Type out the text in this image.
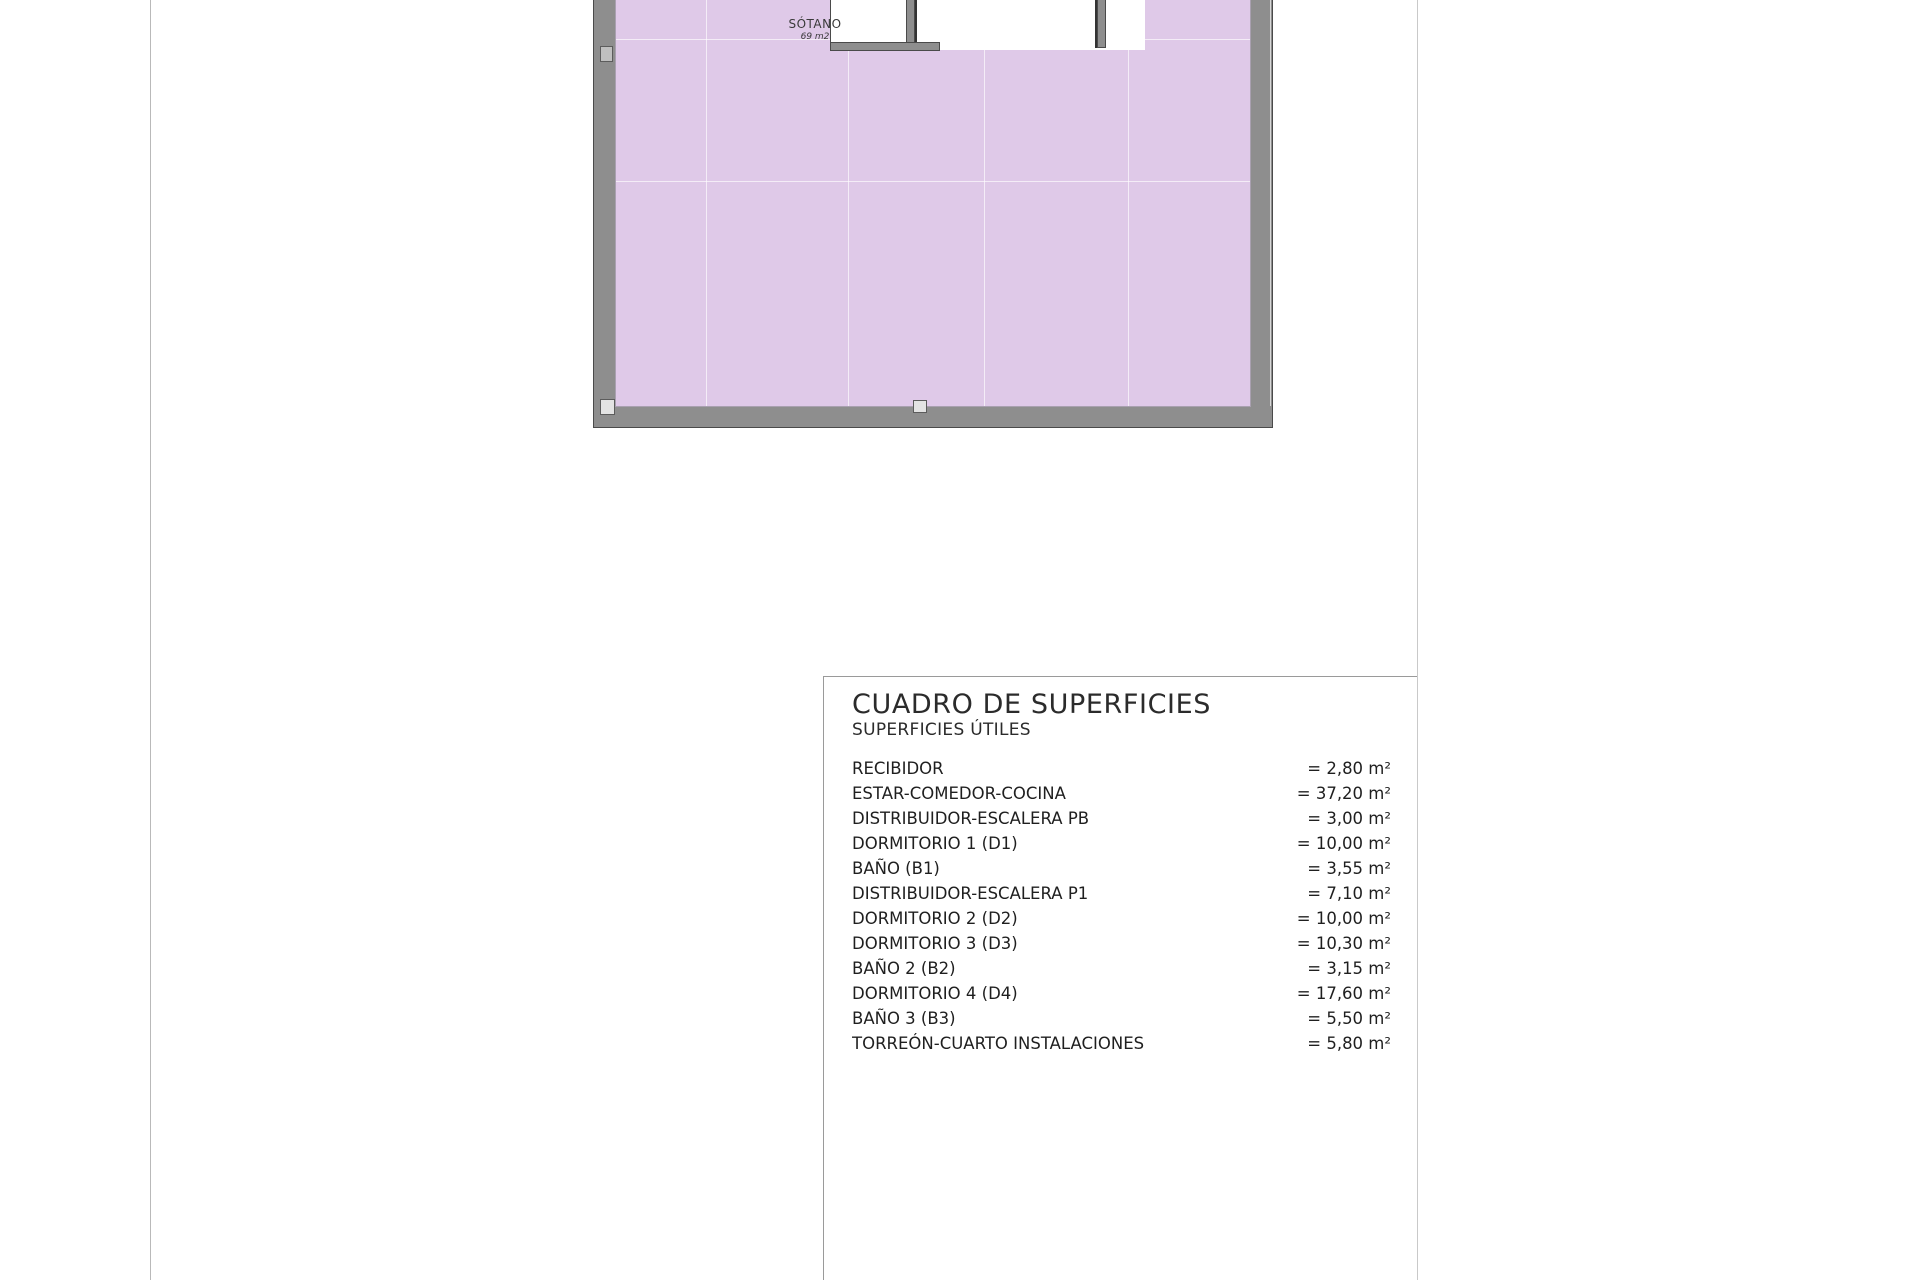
SÓTANO
69 m2
CUADRO DE SUPERFICIES
SUPERFICIES ÚTILES
RECIBIDOR	= 2,80 m²
ESTAR-COMEDOR-COCINA	= 37,20 m²
DISTRIBUIDOR-ESCALERA PB	= 3,00 m²
DORMITORIO 1 (D1)	= 10,00 m²
BAÑO (B1)	= 3,55 m²
DISTRIBUIDOR-ESCALERA P1	= 7,10 m²
DORMITORIO 2 (D2)	= 10,00 m²
DORMITORIO 3 (D3)	= 10,30 m²
BAÑO 2 (B2)	= 3,15 m²
DORMITORIO 4 (D4)	= 17,60 m²
BAÑO 3 (B3)	= 5,50 m²
TORREÓN-CUARTO INSTALACIONES	= 5,80 m²
